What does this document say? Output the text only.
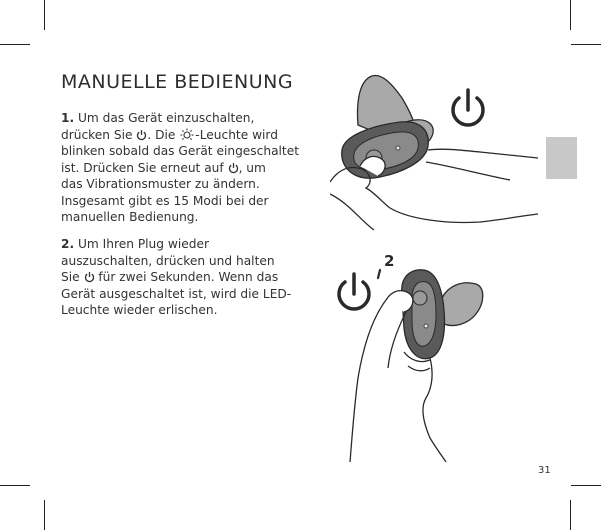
MANUELLE BEDIENUNG
1. Um das Gerät einzuschalten,
drücken Sie . Die -Leuchte wird
blinken sobald das Gerät eingeschaltet
ist. Drücken Sie erneut auf , um
das Vibrationsmuster zu ändern.
Insgesamt gibt es 15 Modi bei der
manuellen Bedienung.
2. Um Ihren Plug wieder
auszuschalten, drücken und halten
Sie für zwei Sekunden. Wenn das
Gerät ausgeschaltet ist, wird die LED-
Leuchte wieder erlischen.
2
31
